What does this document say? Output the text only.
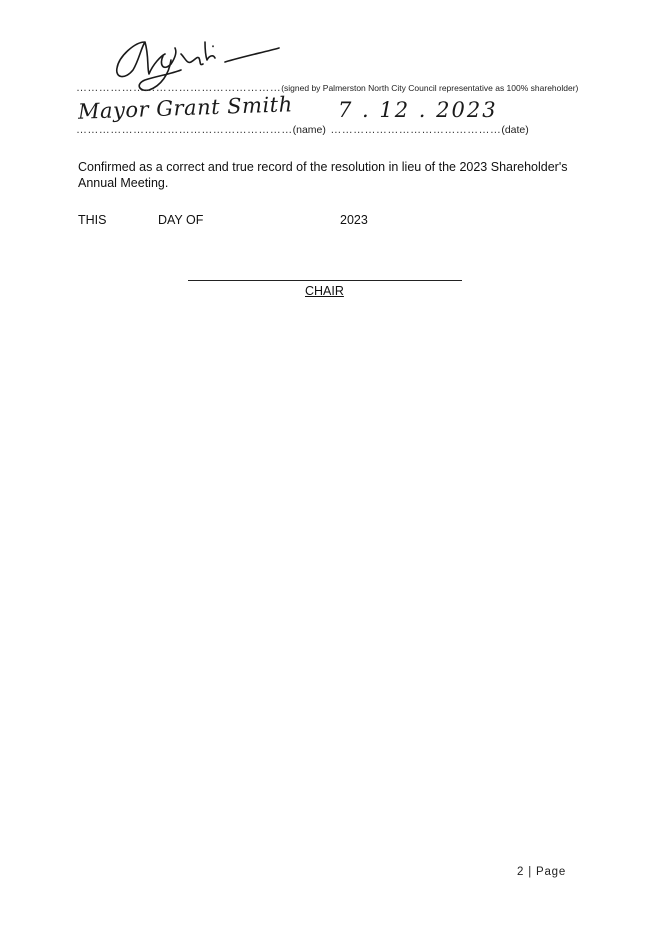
………………………………………………(signed by Palmerston North City Council representative as 100% shareholder)
Mayor Grant Smith 7 . 12 . 2023
…………………………………………………(name) ………………………………………(date)
Confirmed as a correct and true record of the resolution in lieu of the 2023 Shareholder's Annual Meeting.
THIS	DAY OF	2023
CHAIR
2 | Page
